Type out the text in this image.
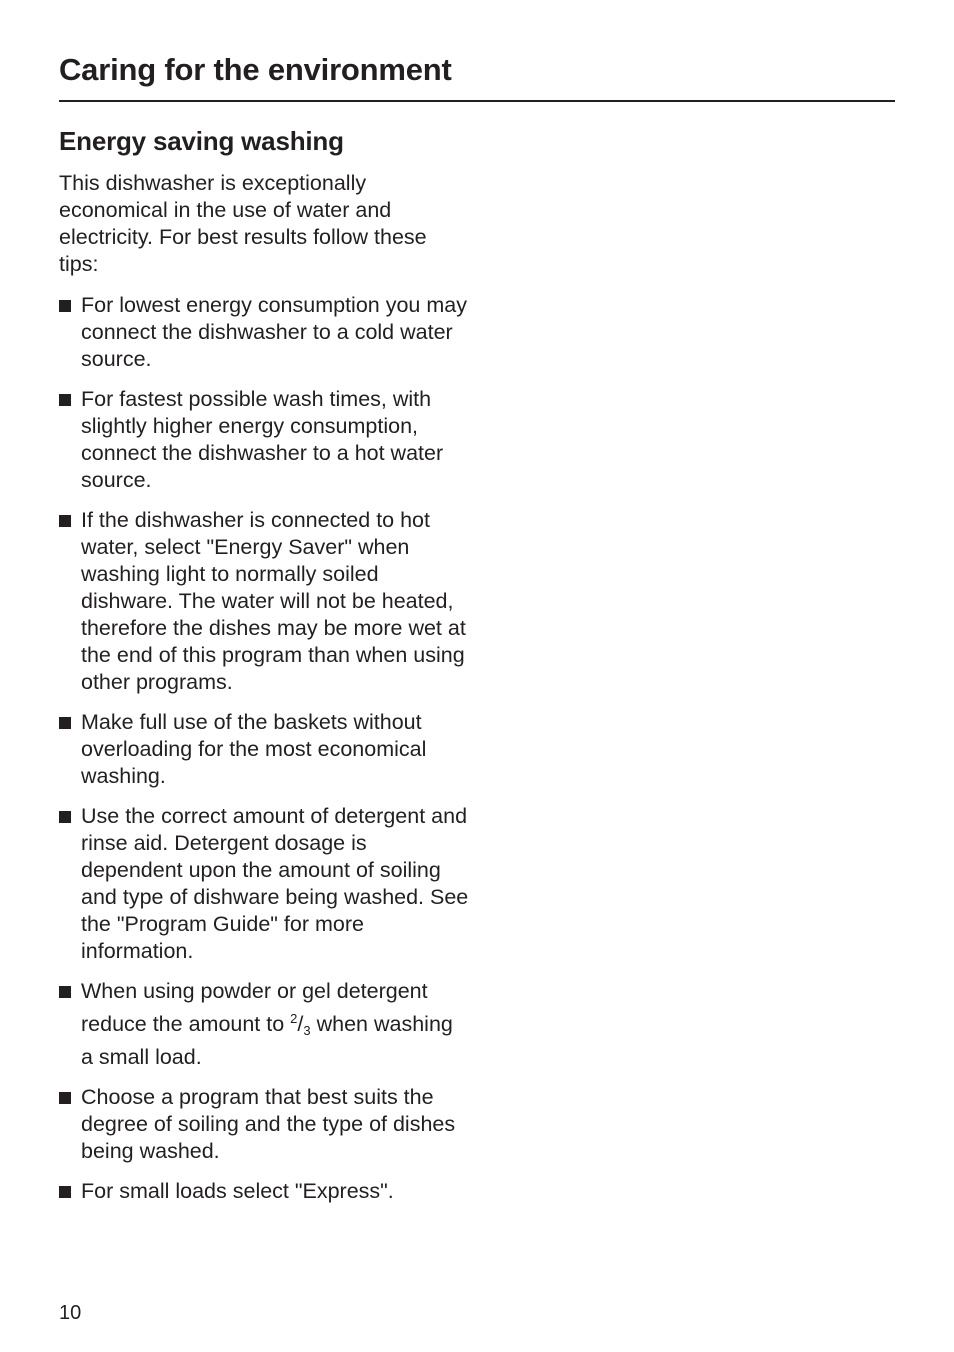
Caring for the environment
Energy saving washing

This dishwasher is exceptionally economical in the use of water and electricity. For best results follow these tips:

For lowest energy consumption you may connect the dishwasher to a cold water source.
For fastest possible wash times, with slightly higher energy consumption, connect the dishwasher to a hot water source.
If the dishwasher is connected to hot water, select "Energy Saver" when washing light to normally soiled dishware. The water will not be heated, therefore the dishes may be more wet at the end of this program than when using other programs.
Make full use of the baskets without overloading for the most economical washing.
Use the correct amount of detergent and rinse aid. Detergent dosage is dependent upon the amount of soiling and type of dishware being washed. See the "Program Guide" for more information.
When using powder or gel detergent reduce the amount to $^2$/3 when washing a small load.
Choose a program that best suits the degree of soiling and the type of dishes being washed.
For small loads select "Express".
10
